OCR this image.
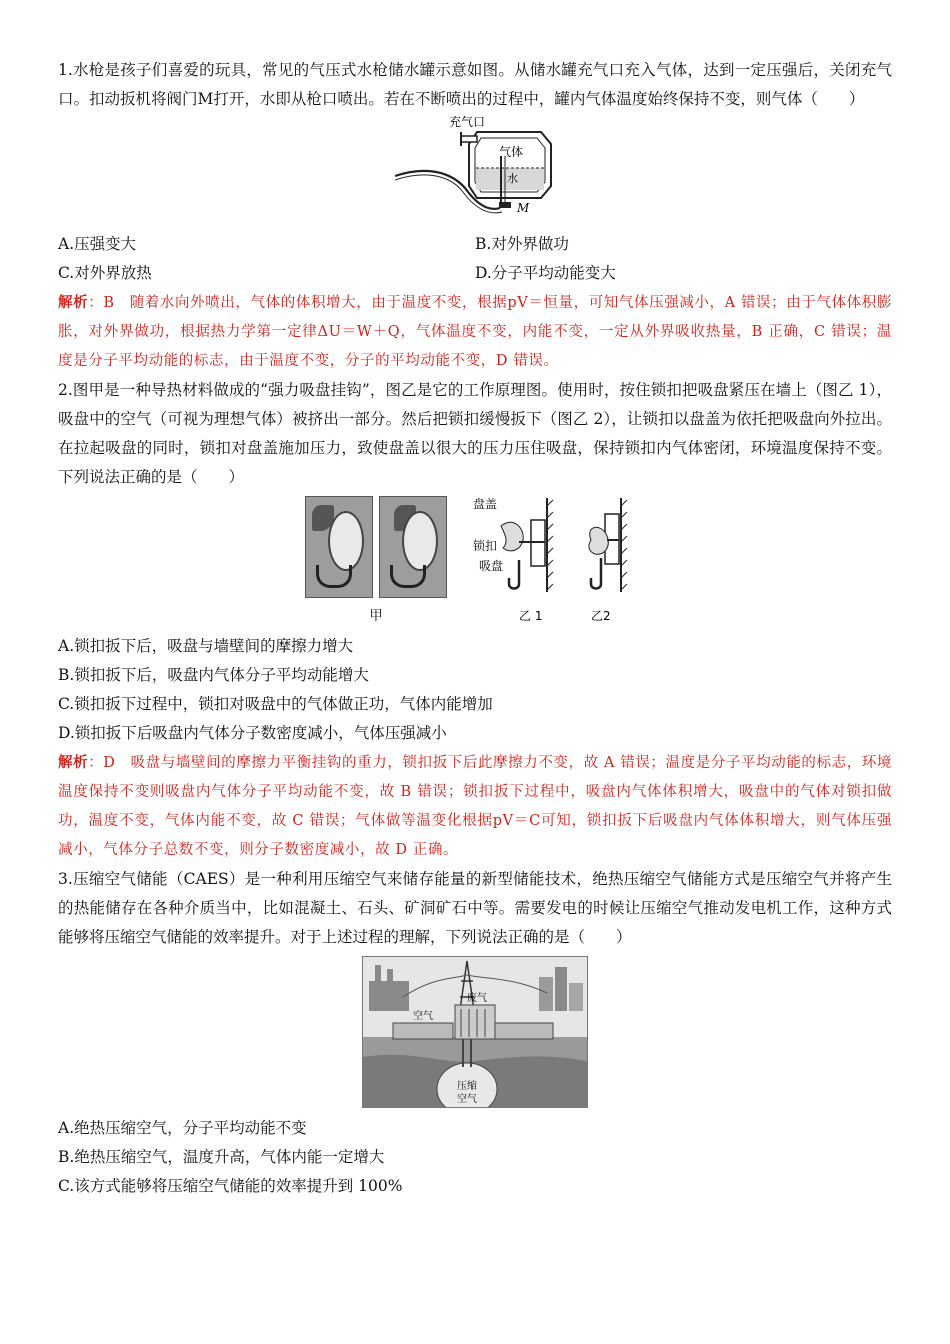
1.水枪是孩子们喜爱的玩具，常见的气压式水枪储水罐示意如图。从储水罐充气口充入气体，达到一定压强后，关闭充气口。扣动扳机将阀门M打开，水即从枪口喷出。若在不断喷出的过程中，罐内气体温度始终保持不变，则气体（　　）

充气口
气体
水
M
A.压强变大	B.对外界做功
C.对外界放热	D.分子平均动能变大

解析：B　随着水向外喷出，气体的体积增大，由于温度不变，根据pV＝恒量，可知气体压强减小，A 错误；由于气体体积膨胀，对外界做功，根据热力学第一定律ΔU＝W＋Q，气体温度不变，内能不变，一定从外界吸收热量，B 正确，C 错误；温度是分子平均动能的标志，由于温度不变，分子的平均动能不变，D 错误。

2.图甲是一种导热材料做成的“强力吸盘挂钩”，图乙是它的工作原理图。使用时，按住锁扣把吸盘紧压在墙上（图乙 1），吸盘中的空气（可视为理想气体）被挤出一部分。然后把锁扣缓慢扳下（图乙 2），让锁扣以盘盖为依托把吸盘向外拉出。在拉起吸盘的同时，锁扣对盘盖施加压力，致使盘盖以很大的压力压住吸盘，保持锁扣内气体密闭，环境温度保持不变。下列说法正确的是（　　）

甲
盘盖
锁扣
吸盘
乙 1	乙2

A.锁扣扳下后，吸盘与墙壁间的摩擦力增大

B.锁扣扳下后，吸盘内气体分子平均动能增大

C.锁扣扳下过程中，锁扣对吸盘中的气体做正功，气体内能增加

D.锁扣扳下后吸盘内气体分子数密度减小，气体压强减小

解析：D　吸盘与墙壁间的摩擦力平衡挂钩的重力，锁扣扳下后此摩擦力不变，故 A 错误；温度是分子平均动能的标志，环境温度保持不变则吸盘内气体分子平均动能不变，故 B 错误；锁扣扳下过程中，吸盘内气体体积增大，吸盘中的气体对锁扣做功，温度不变，气体内能不变，故 C 错误；气体做等温变化根据pV＝C可知，锁扣扳下后吸盘内气体体积增大，则气体压强减小，气体分子总数不变，则分子数密度减小，故 D 正确。

3.压缩空气储能（CAES）是一种利用压缩空气来储存能量的新型储能技术，绝热压缩空气储能方式是压缩空气并将产生的热能储存在各种介质当中，比如混凝土、石头、矿洞矿石中等。需要发电的时候让压缩空气推动发电机工作，这种方式能够将压缩空气储能的效率提升。对于上述过程的理解，下列说法正确的是（　　）

空气
废气
压缩
空气

A.绝热压缩空气，分子平均动能不变

B.绝热压缩空气，温度升高，气体内能一定增大

C.该方式能够将压缩空气储能的效率提升到 100%
